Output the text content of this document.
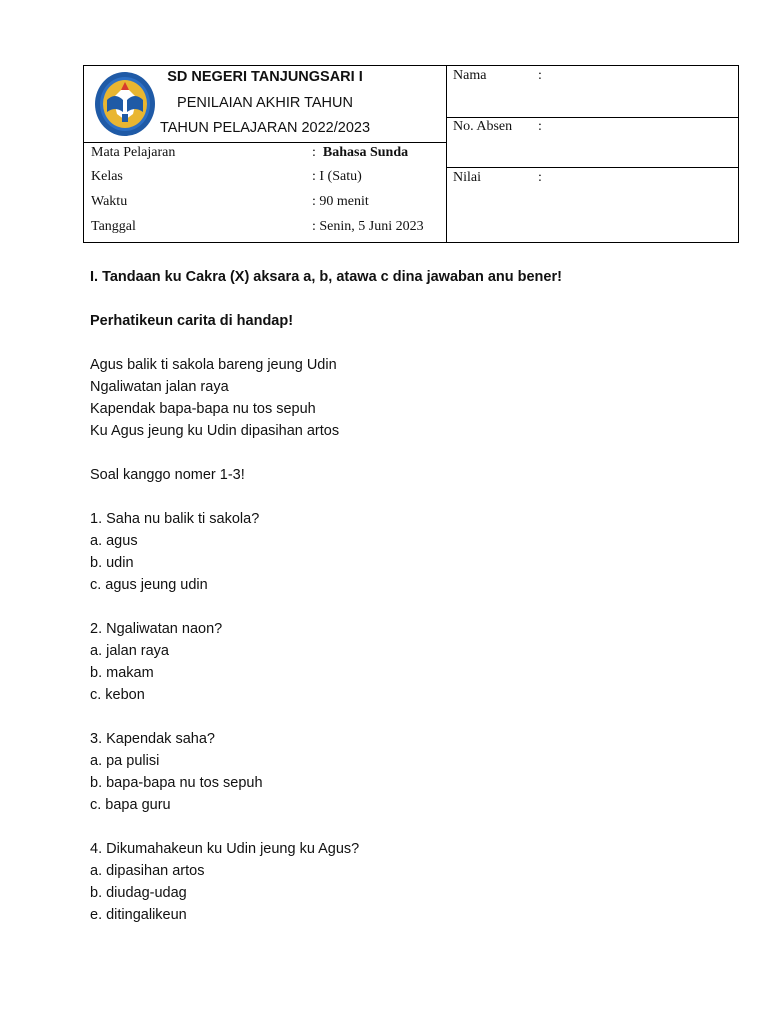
SD NEGERI TANJUNGSARI I
PENILAIAN AKHIR TAHUN
TAHUN PELAJARAN 2022/2023
Mata Pelajaran	:  Bahasa Sunda
Kelas	: I (Satu)
Waktu	: 90 menit
Tanggal	: Senin, 5 Juni 2023
Nama	:
No. Absen :
Nilai	:
I. Tandaan ku Cakra (X) aksara a, b, atawa c dina jawaban anu bener!
Perhatikeun carita di handap!
Agus balik ti sakola bareng jeung Udin
Ngaliwatan jalan raya
Kapendak bapa-bapa nu tos sepuh
Ku Agus jeung ku Udin dipasihan artos
Soal kanggo nomer 1-3!
1. Saha nu balik ti sakola?
a. agus
b. udin
c. agus jeung udin
2. Ngaliwatan naon?
a. jalan raya
b. makam
c. kebon
3. Kapendak saha?
a. pa pulisi
b. bapa-bapa nu tos sepuh
c. bapa guru
4. Dikumahakeun ku Udin jeung ku Agus?
a. dipasihan artos
b. diudag-udag
e. ditingalikeun
